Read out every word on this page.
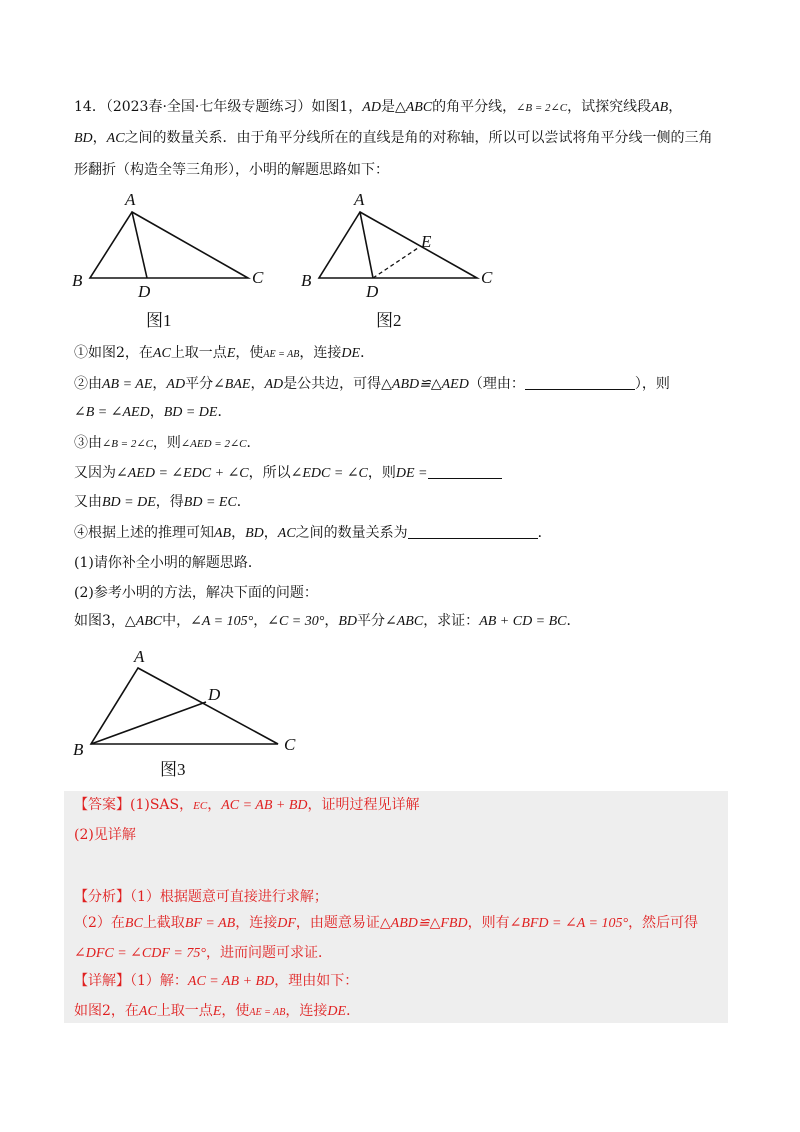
14．（2023春·全国·七年级专题练习）如图1，AD是△ABC的角平分线，∠B = 2∠C，试探究线段AB，
BD，AC之间的数量关系．由于角平分线所在的直线是角的对称轴，所以可以尝试将角平分线一侧的三角
形翻折（构造全等三角形），小明的解题思路如下：
A
B	C
D
图1
A
B	C
D
E
图2
①如图2，在AC上取一点E，使AE = AB，连接DE．
②由AB = AE，AD平分∠BAE，AD是公共边，可得△ABD≌△AED（理由：	），则
∠B = ∠AED，BD = DE．
③由∠B = 2∠C，则∠AED = 2∠C．
又因为∠AED = ∠EDC + ∠C，所以∠EDC = ∠C，则DE =
又由BD = DE，得BD = EC．
④根据上述的推理可知AB，BD，AC之间的数量关系为	．
(1)请你补全小明的解题思路．
(2)参考小明的方法，解决下面的问题：
如图3，△ABC中，∠A = 105°，∠C = 30°，BD平分∠ABC，求证：AB + CD = BC．
A
B	C
D
图3
【答案】(1)SAS，EC，AC = AB + BD，证明过程见详解
(2)见详解
【分析】（1）根据题意可直接进行求解；
（2）在BC上截取BF = AB，连接DF，由题意易证△ABD≌△FBD，则有∠BFD = ∠A = 105°，然后可得
∠DFC = ∠CDF = 75°，进而问题可求证．
【详解】（1）解：AC = AB + BD，理由如下：
如图2，在AC上取一点E，使AE = AB，连接DE．
